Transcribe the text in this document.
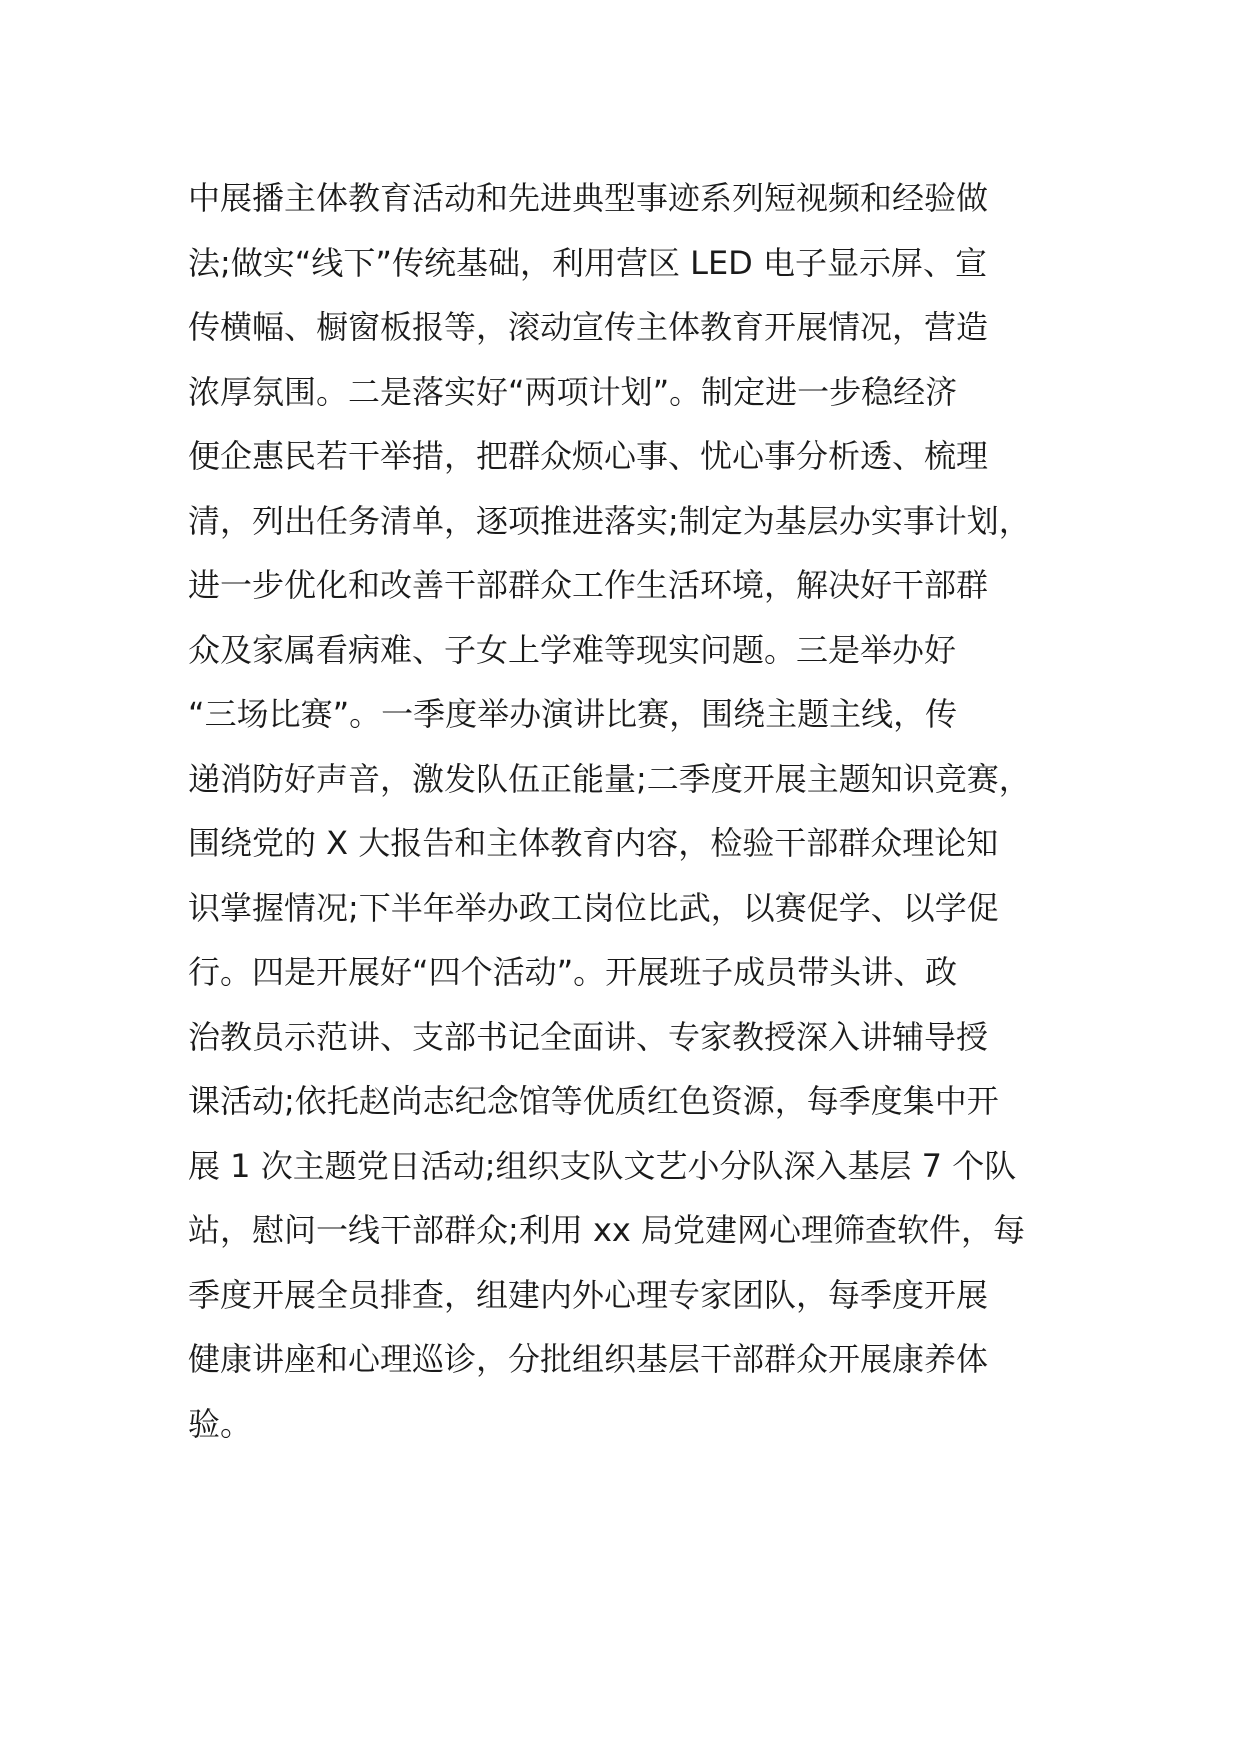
中展播主体教育活动和先进典型事迹系列短视频和经验做
法;做实“线下”传统基础，利用营区 LED 电子显示屏、宣
传横幅、橱窗板报等，滚动宣传主体教育开展情况，营造
浓厚氛围。二是落实好“两项计划”。制定进一步稳经济
便企惠民若干举措，把群众烦心事、忧心事分析透、梳理
清，列出任务清单，逐项推进落实;制定为基层办实事计划，
进一步优化和改善干部群众工作生活环境，解决好干部群
众及家属看病难、子女上学难等现实问题。三是举办好
“三场比赛”。一季度举办演讲比赛，围绕主题主线，传
递消防好声音，激发队伍正能量;二季度开展主题知识竞赛，
围绕党的 X 大报告和主体教育内容，检验干部群众理论知
识掌握情况;下半年举办政工岗位比武，以赛促学、以学促
行。四是开展好“四个活动”。开展班子成员带头讲、政
治教员示范讲、支部书记全面讲、专家教授深入讲辅导授
课活动;依托赵尚志纪念馆等优质红色资源，每季度集中开
展 1 次主题党日活动;组织支队文艺小分队深入基层 7 个队
站，慰问一线干部群众;利用 xx 局党建网心理筛查软件，每
季度开展全员排查，组建内外心理专家团队，每季度开展
健康讲座和心理巡诊，分批组织基层干部群众开展康养体
验。
